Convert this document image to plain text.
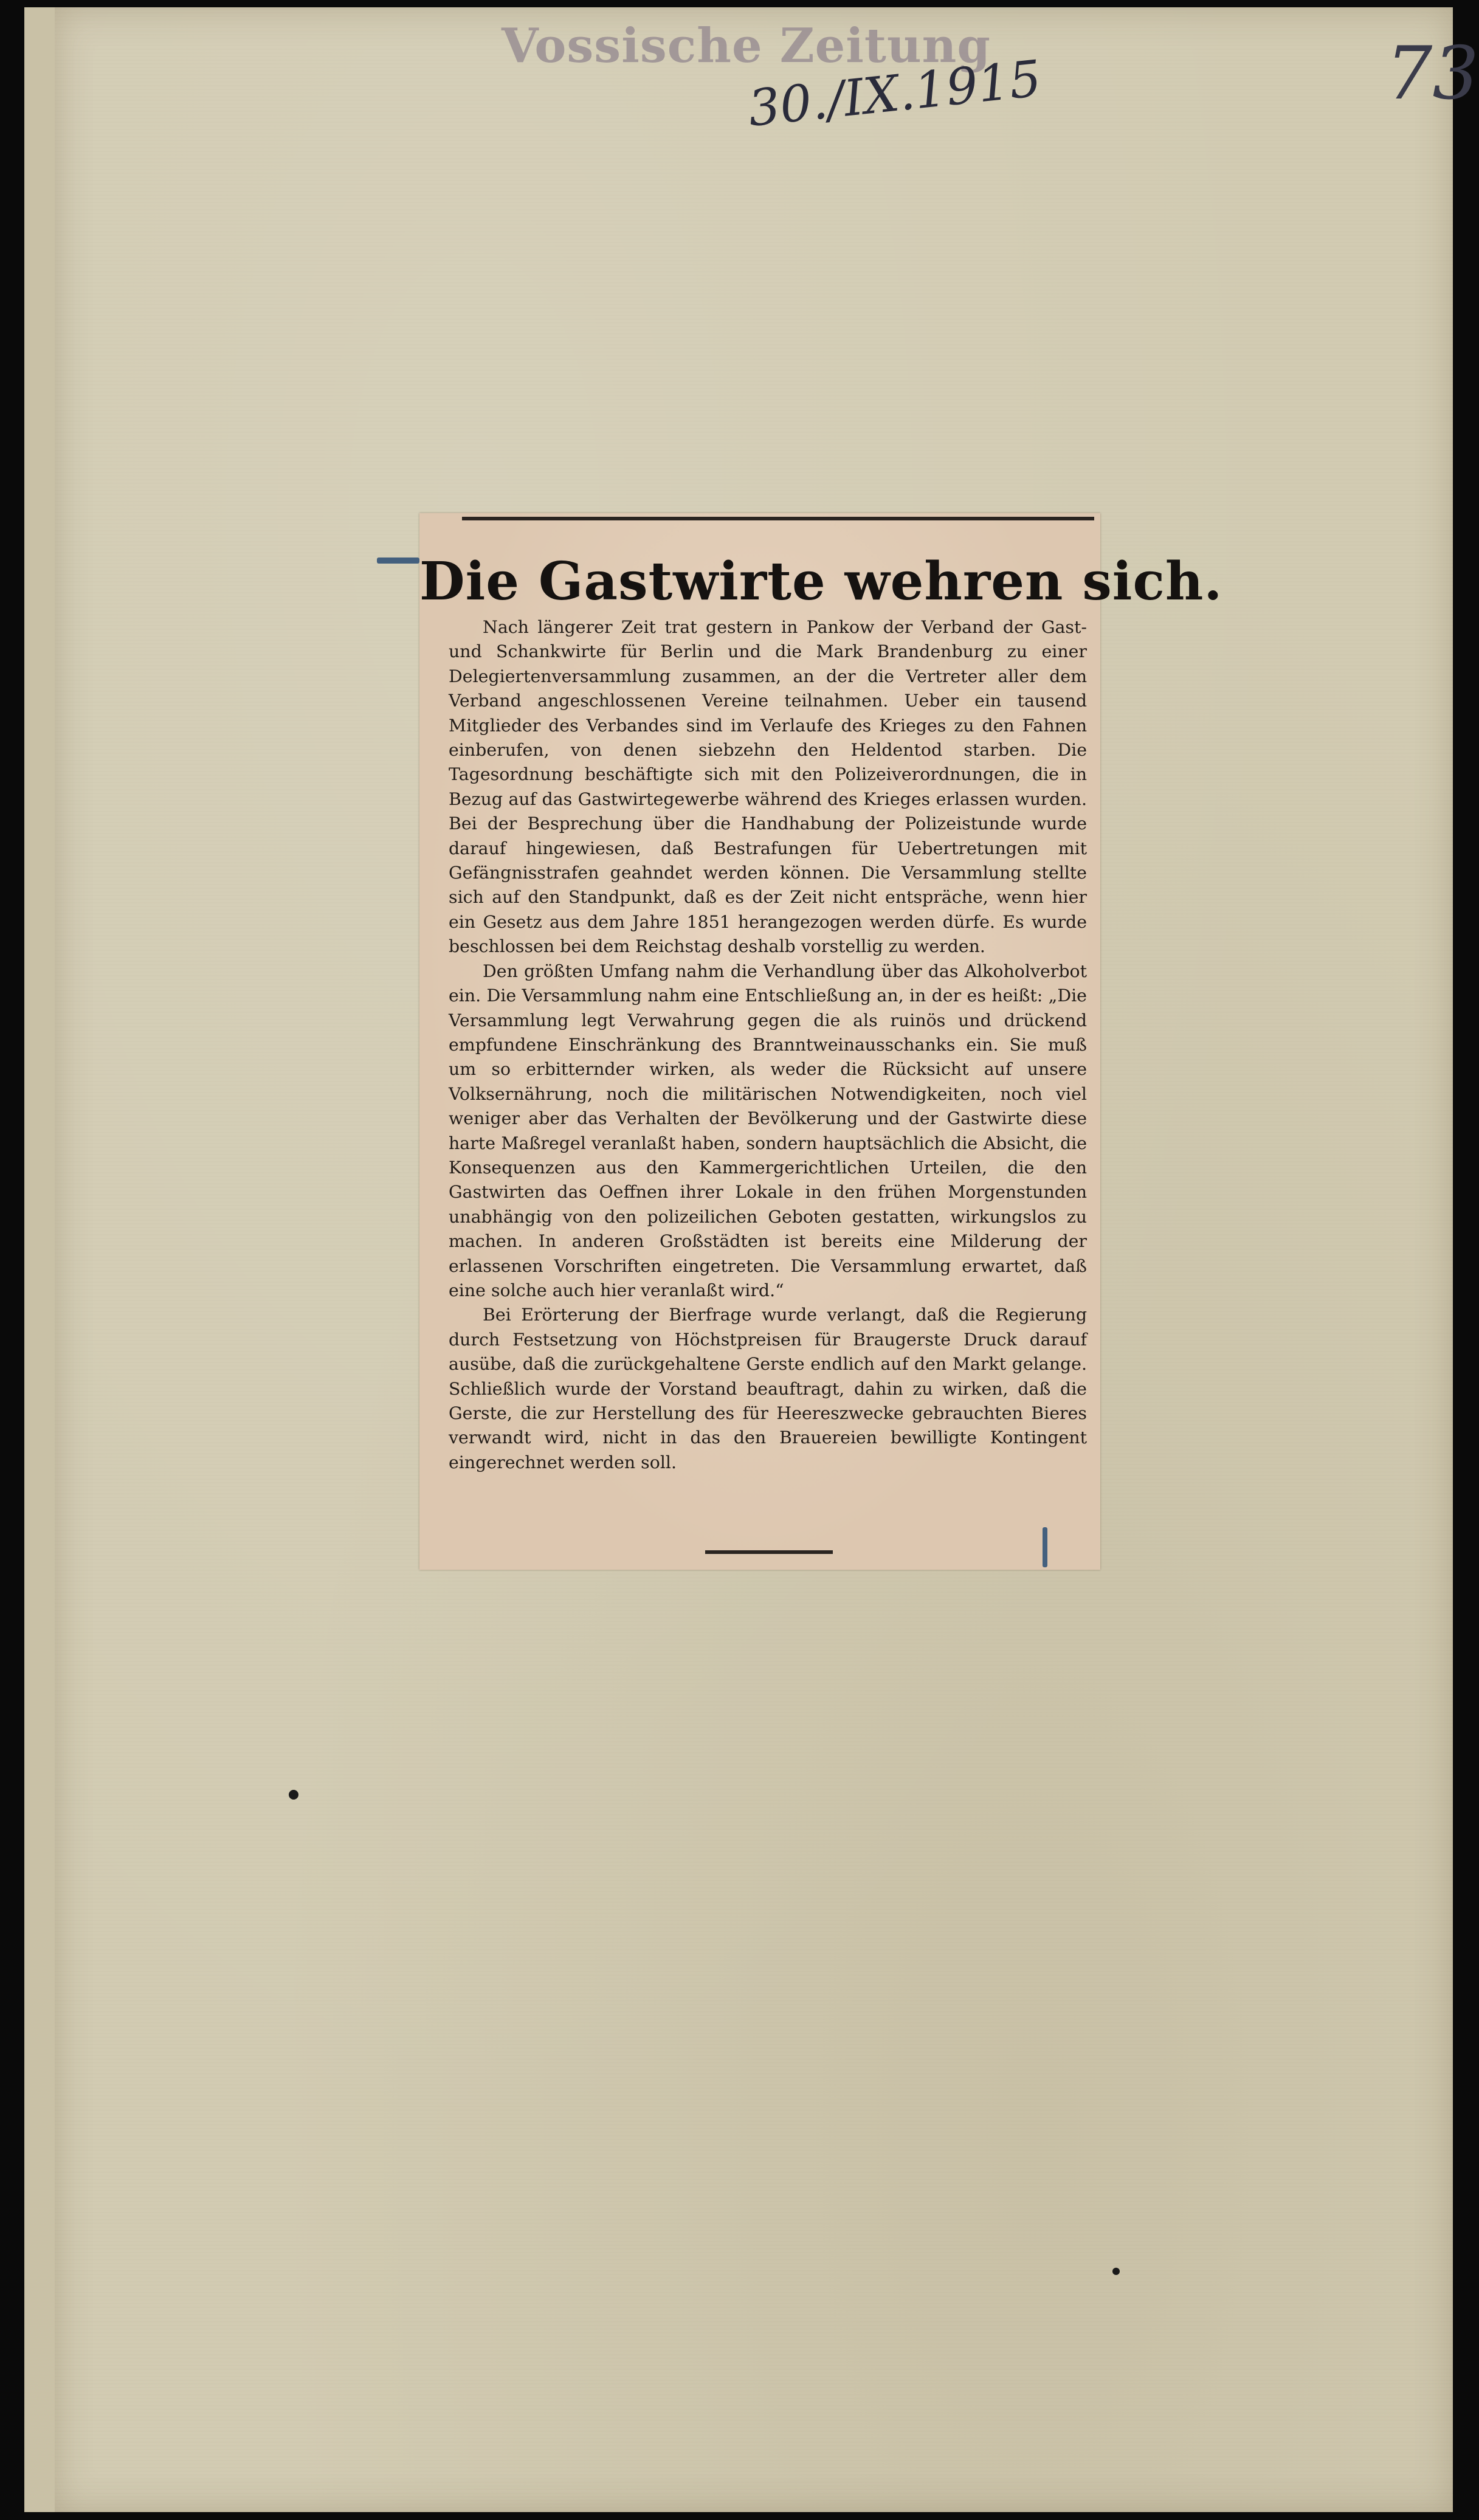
Vossische Zeitung
30./IX.1915	73
Die Gastwirte wehren sich.

Nach längerer Zeit trat gestern in Pankow der Verband der Gast- und Schankwirte für Berlin und die Mark Brandenburg zu einer Delegiertenversammlung zusammen, an der die Vertreter aller dem Verband angeschlossenen Vereine teilnahmen. Ueber ein tausend Mitglieder des Verbandes sind im Verlaufe des Krieges zu den Fahnen einberufen, von denen siebzehn den Heldentod starben. Die Tagesordnung beschäftigte sich mit den Polizeiverordnungen, die in Bezug auf das Gastwirtegewerbe während des Krieges erlassen wurden. Bei der Besprechung über die Handhabung der Polizeistunde wurde darauf hingewiesen, daß Bestrafungen für Uebertretungen mit Gefängnisstrafen geahndet werden können. Die Versammlung stellte sich auf den Standpunkt, daß es der Zeit nicht entspräche, wenn hier ein Gesetz aus dem Jahre 1851 herangezogen werden dürfe. Es wurde beschlossen bei dem Reichstag deshalb vorstellig zu werden.

Den größten Umfang nahm die Verhandlung über das Alkoholverbot ein. Die Versammlung nahm eine Entschließung an, in der es heißt: „Die Versammlung legt Verwahrung gegen die als ruinös und drückend empfundene Einschränkung des Branntweinausschanks ein. Sie muß um so erbitternder wirken, als weder die Rücksicht auf unsere Volksernährung, noch die militärischen Notwendigkeiten, noch viel weniger aber das Verhalten der Bevölkerung und der Gastwirte diese harte Maßregel veranlaßt haben, sondern hauptsächlich die Absicht, die Konsequenzen aus den Kammergerichtlichen Urteilen, die den Gastwirten das Oeffnen ihrer Lokale in den frühen Morgenstunden unabhängig von den polizeilichen Geboten gestatten, wirkungslos zu machen. In anderen Großstädten ist bereits eine Milderung der erlassenen Vorschriften eingetreten. Die Versammlung erwartet, daß eine solche auch hier veranlaßt wird.“

Bei Erörterung der Bierfrage wurde verlangt, daß die Regierung durch Festsetzung von Höchstpreisen für Braugerste Druck darauf ausübe, daß die zurückgehaltene Gerste endlich auf den Markt gelange. Schließlich wurde der Vorstand beauftragt, dahin zu wirken, daß die Gerste, die zur Herstellung des für Heereszwecke gebrauchten Bieres verwandt wird, nicht in das den Brauereien bewilligte Kontingent eingerechnet werden soll.
